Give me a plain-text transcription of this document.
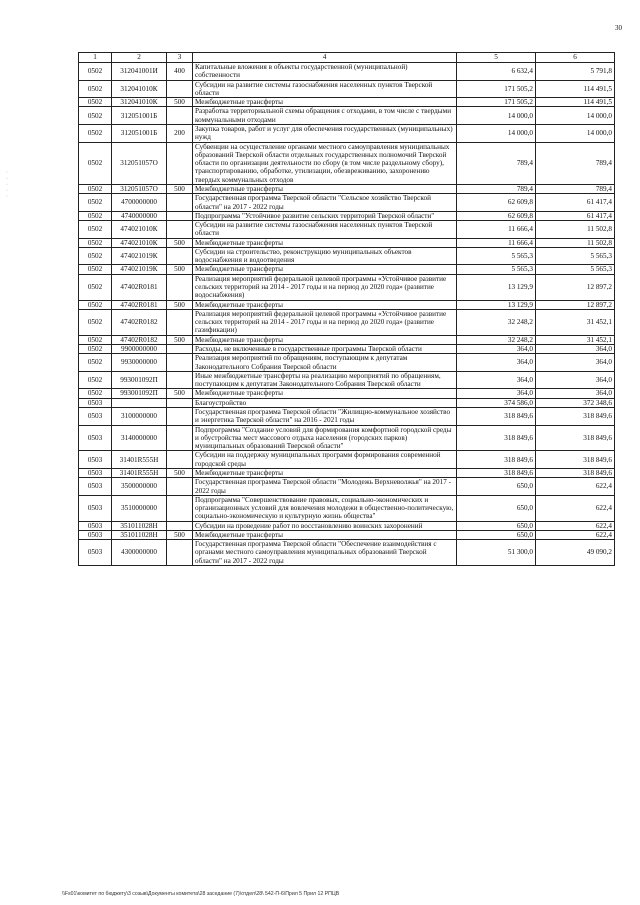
30
·
·
·
·
·
1	2	3	4	5	6
0502	312041001И	400	Капитальные вложения в объекты государственной (муниципальной) собственности	6 632,4	5 791,8
0502	312041010К		Субсидии на развитие системы газоснабжения населенных пунктов Тверской области	171 505,2	114 491,5
0502	312041010К	500	Межбюджетные трансферты	171 505,2	114 491,5
0502	312051001Б		Разработка территориальной схемы обращения с отходами, в том числе с твердыми коммунальными отходами	14 000,0	14 000,0
0502	312051001Б	200	Закупка товаров, работ и услуг для обеспечения государственных (муниципальных) нужд	14 000,0	14 000,0
0502	312051057О		Субвенции на осуществление органами местного самоуправления муниципальных образований Тверской области отдельных государственных полномочий Тверской области по организации деятельности по сбору (в том числе раздельному сбору), транспортированию, обработке, утилизации, обезвреживанию, захоронению твердых коммунальных отходов	789,4	789,4
0502	312051057О	500	Межбюджетные трансферты	789,4	789,4
0502	4700000000		Государственная программа Тверской области "Сельское хозяйство Тверской области" на 2017 - 2022 годы	62 609,8	61 417,4
0502	4740000000		Подпрограмма "Устойчивое развитие сельских территорий Тверской области"	62 609,8	61 417,4
0502	474021010К		Субсидии на развитие системы газоснабжения населенных пунктов Тверской области	11 666,4	11 502,8
0502	474021010К	500	Межбюджетные трансферты	11 666,4	11 502,8
0502	474021019К		Субсидии на строительство, реконструкцию муниципальных объектов водоснабжения и водоотведения	5 565,3	5 565,3
0502	474021019К	500	Межбюджетные трансферты	5 565,3	5 565,3
0502	47402R0181		Реализация мероприятий федеральной целевой программы «Устойчивое развитие сельских территорий на 2014 - 2017 годы и на период до 2020 года» (развитие водоснабжения)	13 129,9	12 897,2
0502	47402R0181	500	Межбюджетные трансферты	13 129,9	12 897,2
0502	47402R0182		Реализация мероприятий федеральной целевой программы «Устойчивое развитие сельских территорий на 2014 - 2017 годы и на период до 2020 года» (развитие газификации)	32 248,2	31 452,1
0502	47402R0182	500	Межбюджетные трансферты	32 248,2	31 452,1
0502	9900000000		Расходы, не включенные в государственные программы Тверской области	364,0	364,0
0502	9930000000		Реализация мероприятий по обращениям, поступающим к депутатам Законодательного Собрания Тверской области	364,0	364,0
0502	993001092П		Иные межбюджетные трансферты на реализацию мероприятий по обращениям, поступающим к депутатам Законодательного Собрания Тверской области	364,0	364,0
0502	993001092П	500	Межбюджетные трансферты	364,0	364,0
0503			Благоустройство	374 586,0	372 348,6
0503	3100000000		Государственная программа Тверской области "Жилищно-коммунальное хозяйство и энергетика Тверской области" на 2016 - 2021 годы	318 849,6	318 849,6
0503	3140000000		Подпрограмма "Создание условий для формирования комфортной городской среды и обустройства мест массового отдыха населения (городских парков) муниципальных образований Тверской области"	318 849,6	318 849,6
0503	31401R555Н		Субсидии на поддержку муниципальных программ формирования современной городской среды	318 849,6	318 849,6
0503	31401R555Н	500	Межбюджетные трансферты	318 849,6	318 849,6
0503	3500000000		Государственная программа Тверской области "Молодежь Верхневолжья" на 2017 - 2022 годы	650,0	622,4
0503	3510000000		Подпрограмма "Совершенствование правовых, социально-экономических и организационных условий для вовлечения молодежи в общественно-политическую, социально-экономическую и культурную жизнь общества"	650,0	622,4
0503	351011028Н		Субсидии на проведение работ по восстановлению воинских захоронений	650,0	622,4
0503	351011028Н	500	Межбюджетные трансферты	650,0	622,4
0503	4300000000		Государственная программа Тверской области "Обеспечение взаимодействия с органами местного самоуправления муниципальных образований Тверской области" на 2017 - 2022 годы	51 300,0	49 090,2
\\Fs01\комитет по бюджету\3 созыв\Документы комитета\28 заседание (7)\отдел\28\ 542-П-6\Прил 5 Прил 12 РПЦВ
